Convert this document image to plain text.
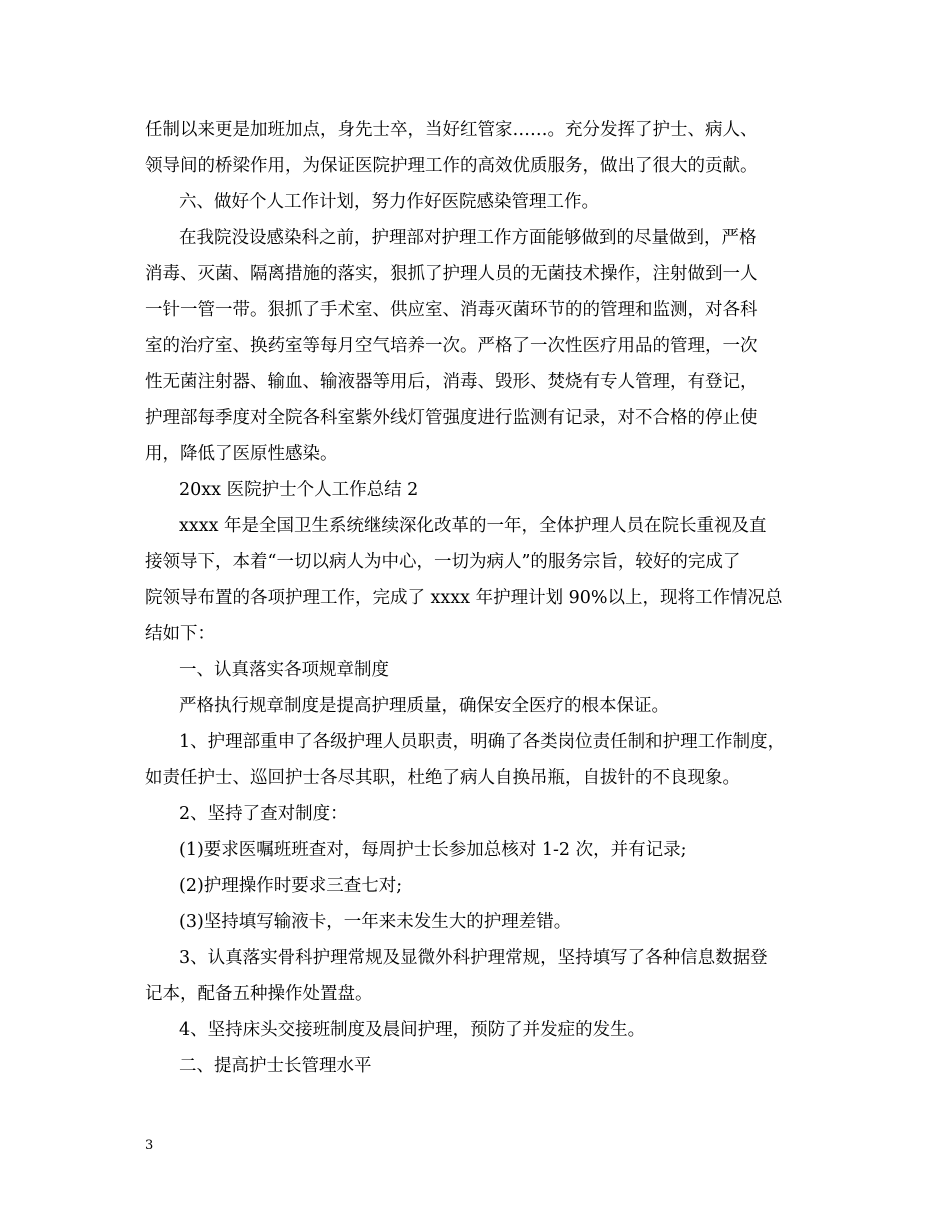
任制以来更是加班加点，身先士卒，当好红管家……。充分发挥了护士、病人、
领导间的桥梁作用，为保证医院护理工作的高效优质服务，做出了很大的贡献。
六、做好个人工作计划，努力作好医院感染管理工作。
在我院没设感染科之前，护理部对护理工作方面能够做到的尽量做到，严格
消毒、灭菌、隔离措施的落实，狠抓了护理人员的无菌技术操作，注射做到一人
一针一管一带。狠抓了手术室、供应室、消毒灭菌环节的的管理和监测，对各科
室的治疗室、换药室等每月空气培养一次。严格了一次性医疗用品的管理，一次
性无菌注射器、输血、输液器等用后，消毒、毁形、焚烧有专人管理，有登记，
护理部每季度对全院各科室紫外线灯管强度进行监测有记录，对不合格的停止使
用，降低了医原性感染。
20xx 医院护士个人工作总结 2
xxxx 年是全国卫生系统继续深化改革的一年，全体护理人员在院长重视及直
接领导下，本着“一切以病人为中心，一切为病人”的服务宗旨，较好的完成了
院领导布置的各项护理工作，完成了 xxxx 年护理计划 90%以上，现将工作情况总
结如下：
一、认真落实各项规章制度
严格执行规章制度是提高护理质量，确保安全医疗的根本保证。
1、护理部重申了各级护理人员职责，明确了各类岗位责任制和护理工作制度，
如责任护士、巡回护士各尽其职，杜绝了病人自换吊瓶，自拔针的不良现象。
2、坚持了查对制度：
(1)要求医嘱班班查对，每周护士长参加总核对 1-2 次，并有记录;
(2)护理操作时要求三查七对;
(3)坚持填写输液卡，一年来未发生大的护理差错。
3、认真落实骨科护理常规及显微外科护理常规，坚持填写了各种信息数据登
记本，配备五种操作处置盘。
4、坚持床头交接班制度及晨间护理，预防了并发症的发生。
二、提高护士长管理水平
3
